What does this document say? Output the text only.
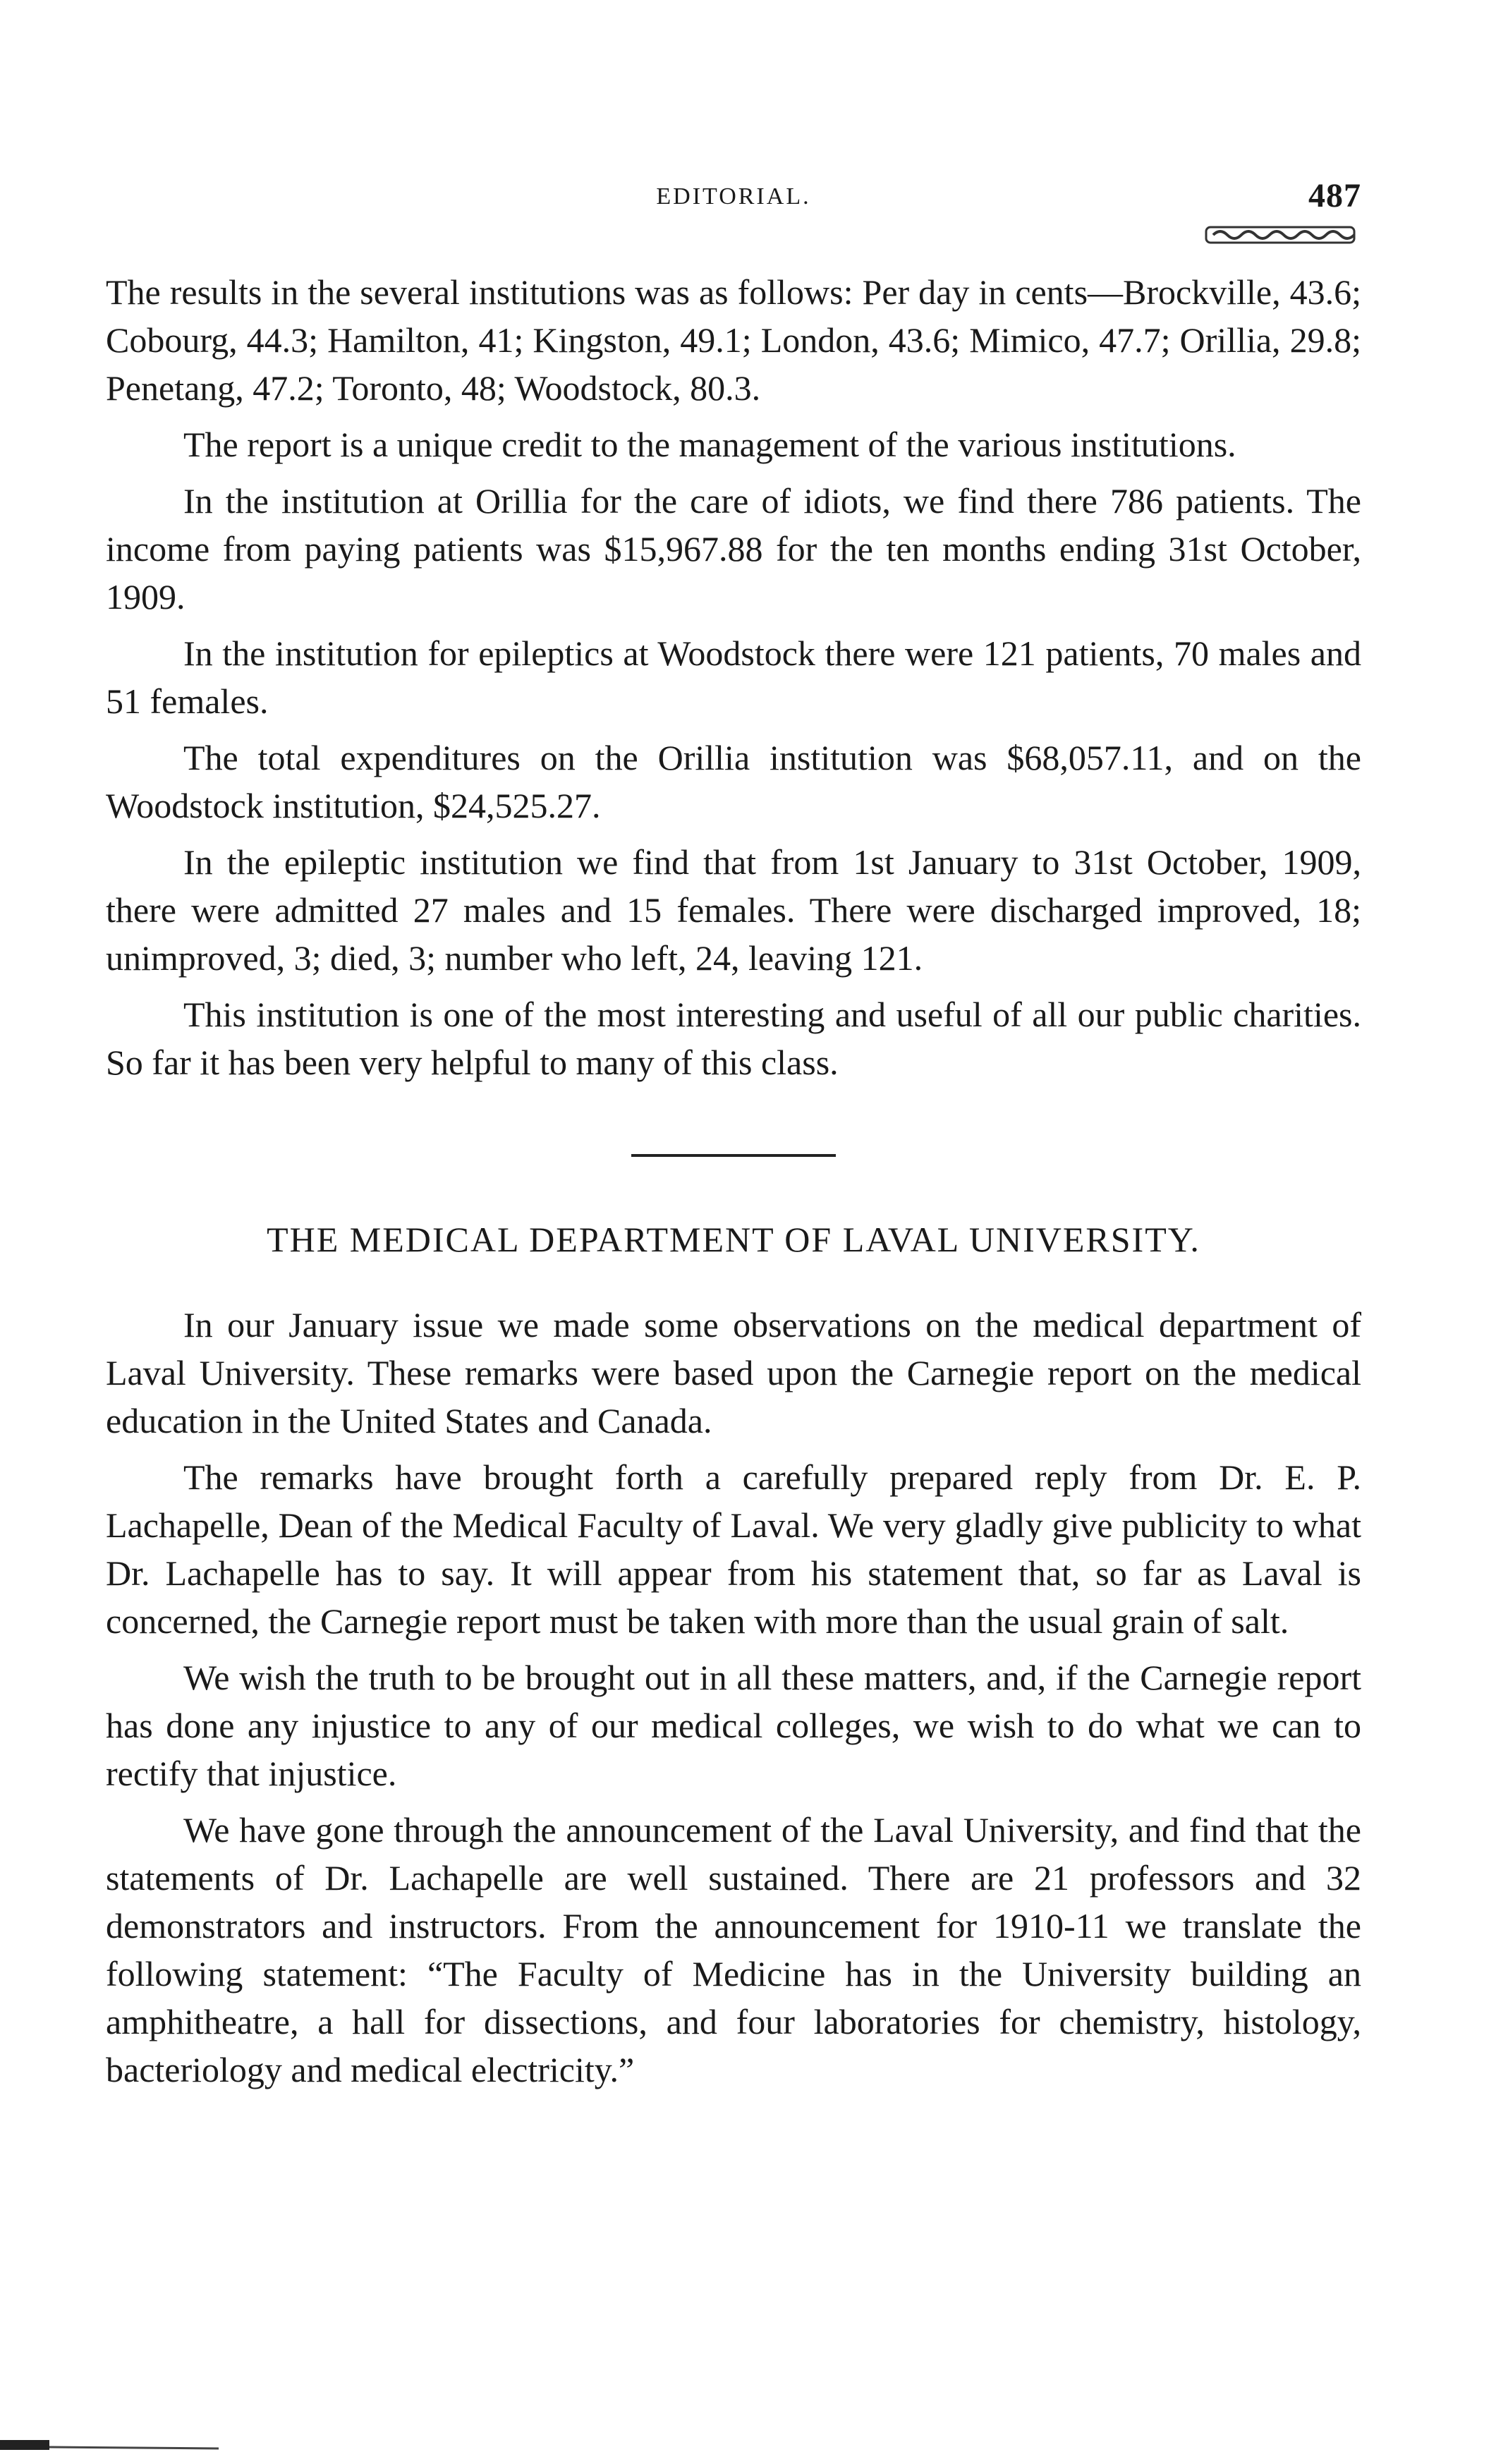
EDITORIAL.	487

The results in the several institutions was as follows: Per day in cents—Brockville, 43.6; Cobourg, 44.3; Hamilton, 41; Kingston, 49.1; London, 43.6; Mimico, 47.7; Orillia, 29.8; Penetang, 47.2; Toronto, 48; Woodstock, 80.3.

The report is a unique credit to the management of the various institutions.

In the institution at Orillia for the care of idiots, we find there 786 patients. The income from paying patients was $15,967.88 for the ten months ending 31st October, 1909.

In the institution for epileptics at Woodstock there were 121 patients, 70 males and 51 females.

The total expenditures on the Orillia institution was $68,057.11, and on the Woodstock institution, $24,525.27.

In the epileptic institution we find that from 1st January to 31st October, 1909, there were admitted 27 males and 15 females. There were discharged improved, 18; unimproved, 3; died, 3; number who left, 24, leaving 121.

This institution is one of the most interesting and useful of all our public charities. So far it has been very helpful to many of this class.

THE MEDICAL DEPARTMENT OF LAVAL UNIVERSITY.

In our January issue we made some observations on the medical department of Laval University. These remarks were based upon the Carnegie report on the medical education in the United States and Canada.

The remarks have brought forth a carefully prepared reply from Dr. E. P. Lachapelle, Dean of the Medical Faculty of Laval. We very gladly give publicity to what Dr. Lachapelle has to say. It will appear from his statement that, so far as Laval is concerned, the Carnegie report must be taken with more than the usual grain of salt.

We wish the truth to be brought out in all these matters, and, if the Carnegie report has done any injustice to any of our medical colleges, we wish to do what we can to rectify that injustice.

We have gone through the announcement of the Laval University, and find that the statements of Dr. Lachapelle are well sustained. There are 21 professors and 32 demonstrators and instructors. From the announcement for 1910-11 we translate the following statement: “The Faculty of Medicine has in the University building an amphitheatre, a hall for dissections, and four laboratories for chemistry, histology, bacteriology and medical electricity.”
